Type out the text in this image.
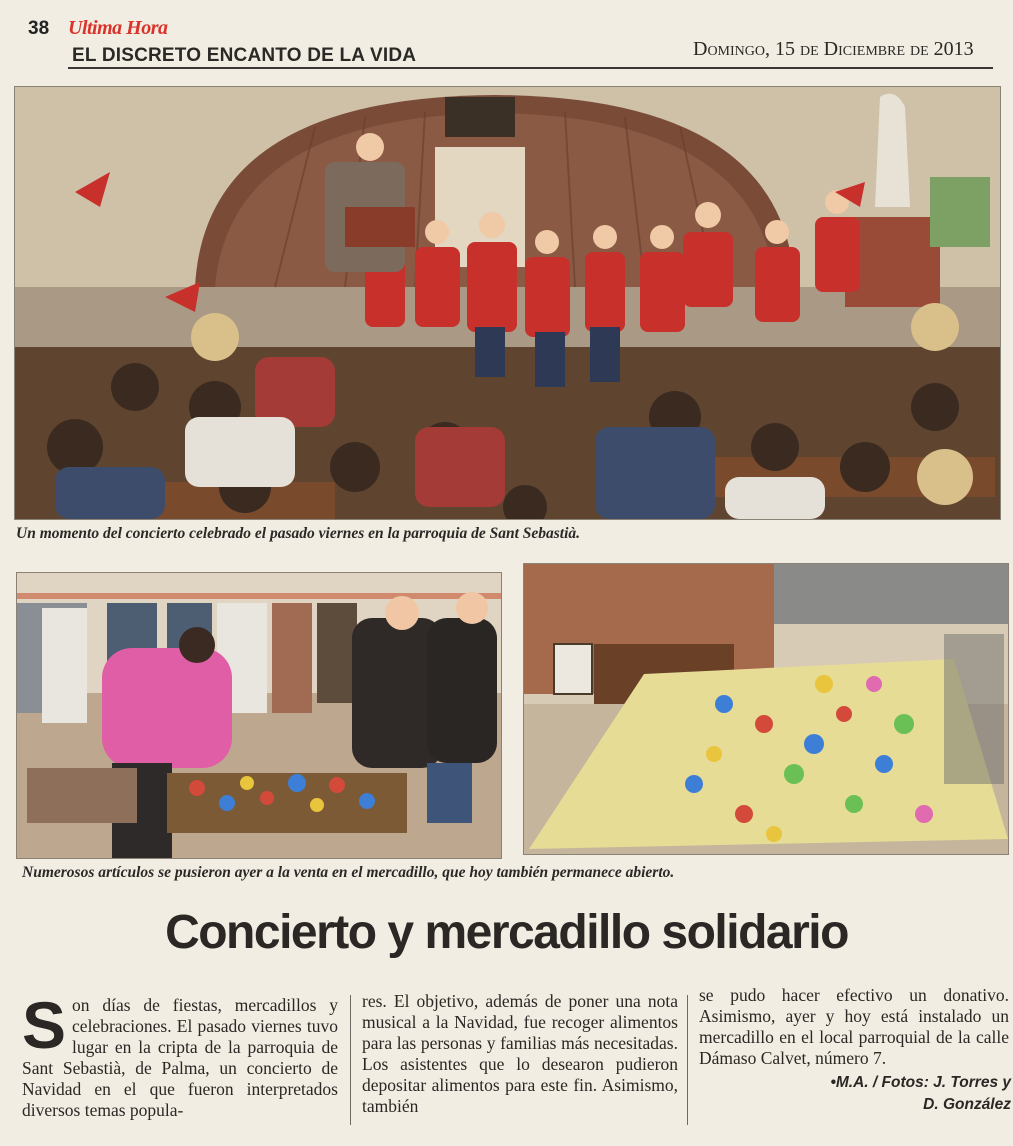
38 Ultima Hora
EL DISCRETO ENCANTO DE LA VIDA	Domingo, 15 de Diciembre de 2013
Un momento del concierto celebrado el pasado viernes en la parroquia de Sant Sebastià.
Numerosos artículos se pusieron ayer a la venta en el mercadillo, que hoy también permanece abierto.
Concierto y mercadillo solidario
Son días de fiestas, mercadillos y celebraciones. El pasado viernes tuvo lugar en la cripta de la parroquia de Sant Sebastià, de Palma, un concierto de Navidad en el que fueron interpretados diversos temas popula-
res. El objetivo, además de poner una nota musical a la Navidad, fue recoger alimentos para las personas y familias más necesitadas. Los asistentes que lo desearon pudieron depositar alimentos para este fin. Asimismo, también
se pudo hacer efectivo un donativo. Asimismo, ayer y hoy está instalado un mercadillo en el local parroquial de la calle Dámaso Calvet, número 7.
•M.A. / Fotos: J. Torres y
D. González
